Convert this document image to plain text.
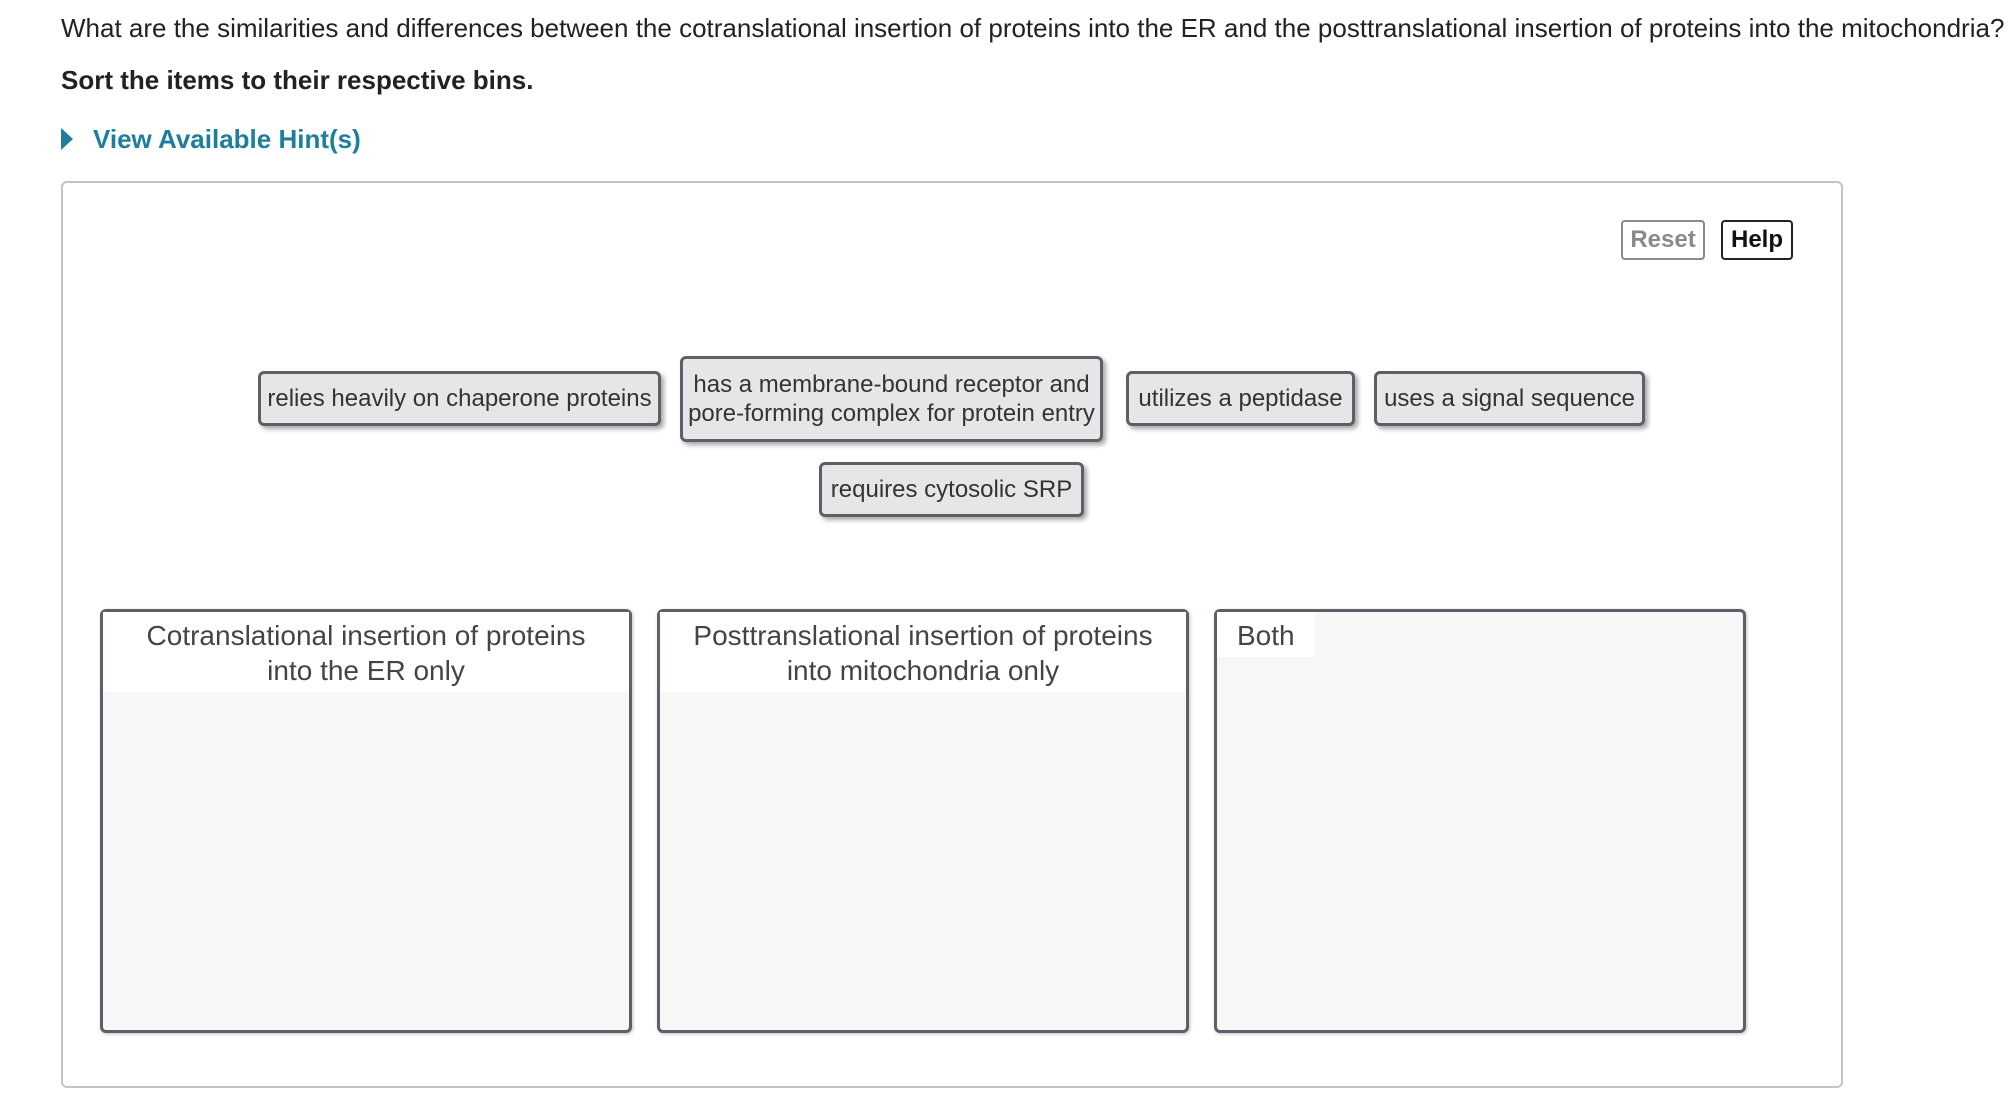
What are the similarities and differences between the cotranslational insertion of proteins into the ER and the posttranslational insertion of proteins into the mitochondria?
Sort the items to their respective bins.
View Available Hint(s)
Reset	Help
relies heavily on chaperone proteins
has a membrane-bound receptor and
pore-forming complex for protein entry
utilizes a peptidase uses a signal sequence
requires cytosolic SRP
Cotranslational insertion of proteins
into the ER only
Posttranslational insertion of proteins
into mitochondria only
Both
